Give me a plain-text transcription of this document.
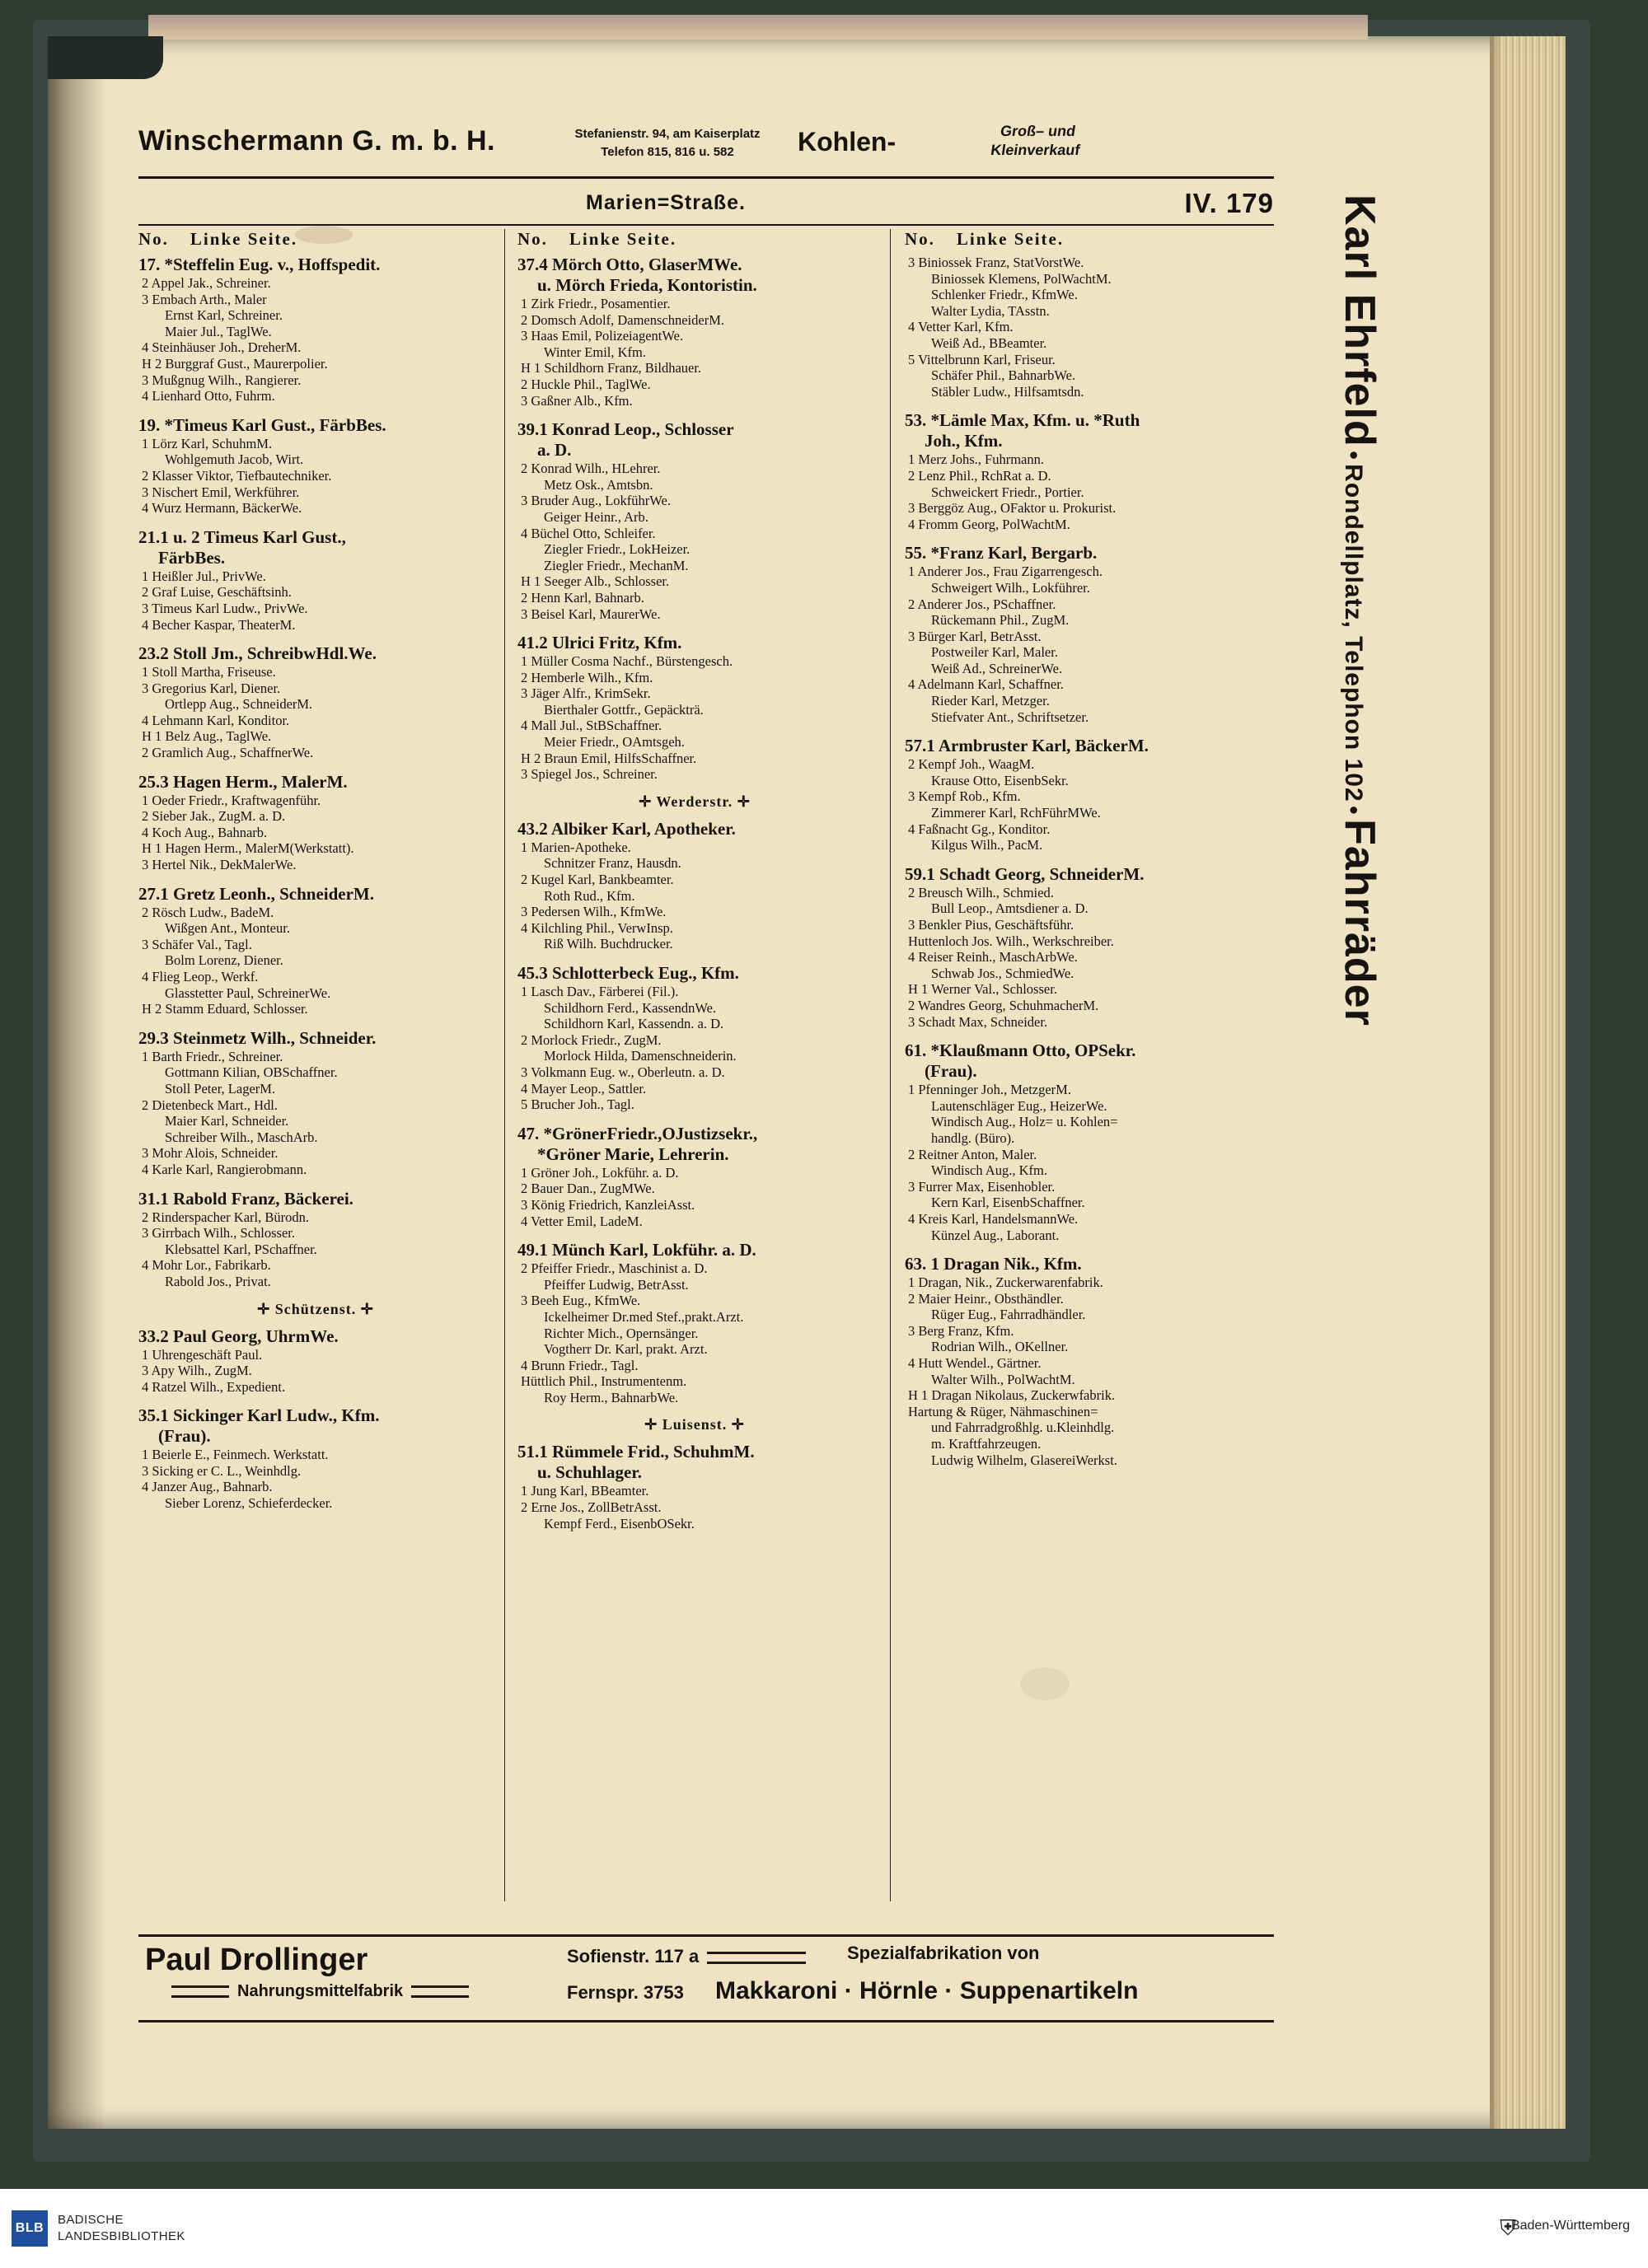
Winschermann G. m. b. H.	Stefanienstr. 94, am Kaiserplatz
Telefon 815, 816 u. 582	Kohlen-	Groß– und
Kleinverkauf
Marien=Straße.	IV. 179
No. Linke Seite.
17. *Steffelin Eug. v., Hoffspedit.
2 Appel Jak., Schreiner.
3 Embach Arth., Maler
Ernst Karl, Schreiner.
Maier Jul., TaglWe.
4 Steinhäuser Joh., DreherM.
H 2 Burggraf Gust., Maurerpolier.
3 Mußgnug Wilh., Rangierer.
4 Lienhard Otto, Fuhrm.
19. *Timeus Karl Gust., FärbBes.
1 Lörz Karl, SchuhmM.
Wohlgemuth Jacob, Wirt.
2 Klasser Viktor, Tiefbautechniker.
3 Nischert Emil, Werkführer.
4 Wurz Hermann, BäckerWe.
21.1 u. 2 Timeus Karl Gust.,
FärbBes.
1 Heißler Jul., PrivWe.
2 Graf Luise, Geschäftsinh.
3 Timeus Karl Ludw., PrivWe.
4 Becher Kaspar, TheaterM.
23.2 Stoll Jm., SchreibwHdl.We.
1 Stoll Martha, Friseuse.
3 Gregorius Karl, Diener.
Ortlepp Aug., SchneiderM.
4 Lehmann Karl, Konditor.
H 1 Belz Aug., TaglWe.
2 Gramlich Aug., SchaffnerWe.
25.3 Hagen Herm., MalerM.
1 Oeder Friedr., Kraftwagenführ.
2 Sieber Jak., ZugM. a. D.
4 Koch Aug., Bahnarb.
H 1 Hagen Herm., MalerM(Werkstatt).
3 Hertel Nik., DekMalerWe.
27.1 Gretz Leonh., SchneiderM.
2 Rösch Ludw., BadeM.
Wißgen Ant., Monteur.
3 Schäfer Val., Tagl.
Bolm Lorenz, Diener.
4 Flieg Leop., Werkf.
Glasstetter Paul, SchreinerWe.
H 2 Stamm Eduard, Schlosser.
29.3 Steinmetz Wilh., Schneider.
1 Barth Friedr., Schreiner.
Gottmann Kilian, OBSchaffner.
Stoll Peter, LagerM.
2 Dietenbeck Mart., Hdl.
Maier Karl, Schneider.
Schreiber Wilh., MaschArb.
3 Mohr Alois, Schneider.
4 Karle Karl, Rangierobmann.
31.1 Rabold Franz, Bäckerei.
2 Rinderspacher Karl, Bürodn.
3 Girrbach Wilh., Schlosser.
Klebsattel Karl, PSchaffner.
4 Mohr Lor., Fabrikarb.
Rabold Jos., Privat.
✛ Schützenst. ✛
33.2 Paul Georg, UhrmWe.
1 Uhrengeschäft Paul.
3 Apy Wilh., ZugM.
4 Ratzel Wilh., Expedient.
35.1 Sickinger Karl Ludw., Kfm.
(Frau).
1 Beierle E., Feinmech. Werkstatt.
3 Sicking er C. L., Weinhdlg.
4 Janzer Aug., Bahnarb.
Sieber Lorenz, Schieferdecker.
No. Linke Seite.
37.4 Mörch Otto, GlaserMWe.
u. Mörch Frieda, Kontoristin.
1 Zirk Friedr., Posamentier.
2 Domsch Adolf, DamenschneiderM.
3 Haas Emil, PolizeiagentWe.
Winter Emil, Kfm.
H 1 Schildhorn Franz, Bildhauer.
2 Huckle Phil., TaglWe.
3 Gaßner Alb., Kfm.
39.1 Konrad Leop., Schlosser
a. D.
2 Konrad Wilh., HLehrer.
Metz Osk., Amtsbn.
3 Bruder Aug., LokführWe.
Geiger Heinr., Arb.
4 Büchel Otto, Schleifer.
Ziegler Friedr., LokHeizer.
Ziegler Friedr., MechanM.
H 1 Seeger Alb., Schlosser.
2 Henn Karl, Bahnarb.
3 Beisel Karl, MaurerWe.
41.2 Ulrici Fritz, Kfm.
1 Müller Cosma Nachf., Bürstengesch.
2 Hemberle Wilh., Kfm.
3 Jäger Alfr., KrimSekr.
Bierthaler Gottfr., Gepäckträ.
4 Mall Jul., StBSchaffner.
Meier Friedr., OAmtsgeh.
H 2 Braun Emil, HilfsSchaffner.
3 Spiegel Jos., Schreiner.
✛ Werderstr. ✛
43.2 Albiker Karl, Apotheker.
1 Marien-Apotheke.
Schnitzer Franz, Hausdn.
2 Kugel Karl, Bankbeamter.
Roth Rud., Kfm.
3 Pedersen Wilh., KfmWe.
4 Kilchling Phil., VerwInsp.
Riß Wilh. Buchdrucker.
45.3 Schlotterbeck Eug., Kfm.
1 Lasch Dav., Färberei (Fil.).
Schildhorn Ferd., KassendnWe.
Schildhorn Karl, Kassendn. a. D.
2 Morlock Friedr., ZugM.
Morlock Hilda, Damenschneiderin.
3 Volkmann Eug. w., Oberleutn. a. D.
4 Mayer Leop., Sattler.
5 Brucher Joh., Tagl.
47. *GrönerFriedr.,OJustizsekr.,
*Gröner Marie, Lehrerin.
1 Gröner Joh., Lokführ. a. D.
2 Bauer Dan., ZugMWe.
3 König Friedrich, KanzleiAsst.
4 Vetter Emil, LadeM.
49.1 Münch Karl, Lokführ. a. D.
2 Pfeiffer Friedr., Maschinist a. D.
Pfeiffer Ludwig, BetrAsst.
3 Beeh Eug., KfmWe.
Ickelheimer Dr.med Stef.,prakt.Arzt.
Richter Mich., Opernsänger.
Vogtherr Dr. Karl, prakt. Arzt.
4 Brunn Friedr., Tagl.
Hüttlich Phil., Instrumentenm.
Roy Herm., BahnarbWe.
✛ Luisenst. ✛
51.1 Rümmele Frid., SchuhmM.
u. Schuhlager.
1 Jung Karl, BBeamter.
2 Erne Jos., ZollBetrAsst.
Kempf Ferd., EisenbOSekr.
No. Linke Seite.
3 Biniossek Franz, StatVorstWe.
Biniossek Klemens, PolWachtM.
Schlenker Friedr., KfmWe.
Walter Lydia, TAsstn.
4 Vetter Karl, Kfm.
Weiß Ad., BBeamter.
5 Vittelbrunn Karl, Friseur.
Schäfer Phil., BahnarbWe.
Stäbler Ludw., Hilfsamtsdn.
53. *Lämle Max, Kfm. u. *Ruth
Joh., Kfm.
1 Merz Johs., Fuhrmann.
2 Lenz Phil., RchRat a. D.
Schweickert Friedr., Portier.
3 Berggöz Aug., OFaktor u. Prokurist.
4 Fromm Georg, PolWachtM.
55. *Franz Karl, Bergarb.
1 Anderer Jos., Frau Zigarrengesch.
Schweigert Wilh., Lokführer.
2 Anderer Jos., PSchaffner.
Rückemann Phil., ZugM.
3 Bürger Karl, BetrAsst.
Postweiler Karl, Maler.
Weiß Ad., SchreinerWe.
4 Adelmann Karl, Schaffner.
Rieder Karl, Metzger.
Stiefvater Ant., Schriftsetzer.
57.1 Armbruster Karl, BäckerM.
2 Kempf Joh., WaagM.
Krause Otto, EisenbSekr.
3 Kempf Rob., Kfm.
Zimmerer Karl, RchFührMWe.
4 Faßnacht Gg., Konditor.
Kilgus Wilh., PacM.
59.1 Schadt Georg, SchneiderM.
2 Breusch Wilh., Schmied.
Bull Leop., Amtsdiener a. D.
3 Benkler Pius, Geschäftsführ.
Huttenloch Jos. Wilh., Werkschreiber.
4 Reiser Reinh., MaschArbWe.
Schwab Jos., SchmiedWe.
H 1 Werner Val., Schlosser.
2 Wandres Georg, SchuhmacherM.
3 Schadt Max, Schneider.
61. *Klaußmann Otto, OPSekr.
(Frau).
1 Pfenninger Joh., MetzgerM.
Lautenschläger Eug., HeizerWe.
Windisch Aug., Holz= u. Kohlen=
handlg. (Büro).
2 Reitner Anton, Maler.
Windisch Aug., Kfm.
3 Furrer Max, Eisenhobler.
Kern Karl, EisenbSchaffner.
4 Kreis Karl, HandelsmannWe.
Künzel Aug., Laborant.
63. 1 Dragan Nik., Kfm.
1 Dragan, Nik., Zuckerwarenfabrik.
2 Maier Heinr., Obsthändler.
Rüger Eug., Fahrradhändler.
3 Berg Franz, Kfm.
Rodrian Wilh., OKellner.
4 Hutt Wendel., Gärtner.
Walter Wilh., PolWachtM.
H 1 Dragan Nikolaus, Zuckerwfabrik.
Hartung & Rüger, Nähmaschinen=
und Fahrradgroßhlg. u.Kleinhdlg.
m. Kraftfahrzeugen.
Ludwig Wilhelm, GlasereiWerkst.
Karl Ehrfeld • Rondellplatz, Telephon 102 • Fahrräder
Paul Drollinger
Nahrungsmittelfabrik
Sofienstr. 117 a
Fernspr. 3753
Spezialfabrikation von
Makkaroni · Hörnle · Suppenartikeln
BLB
BADISCHE
LANDESBIBLIOTHEK	⛨
Baden-Württemberg
